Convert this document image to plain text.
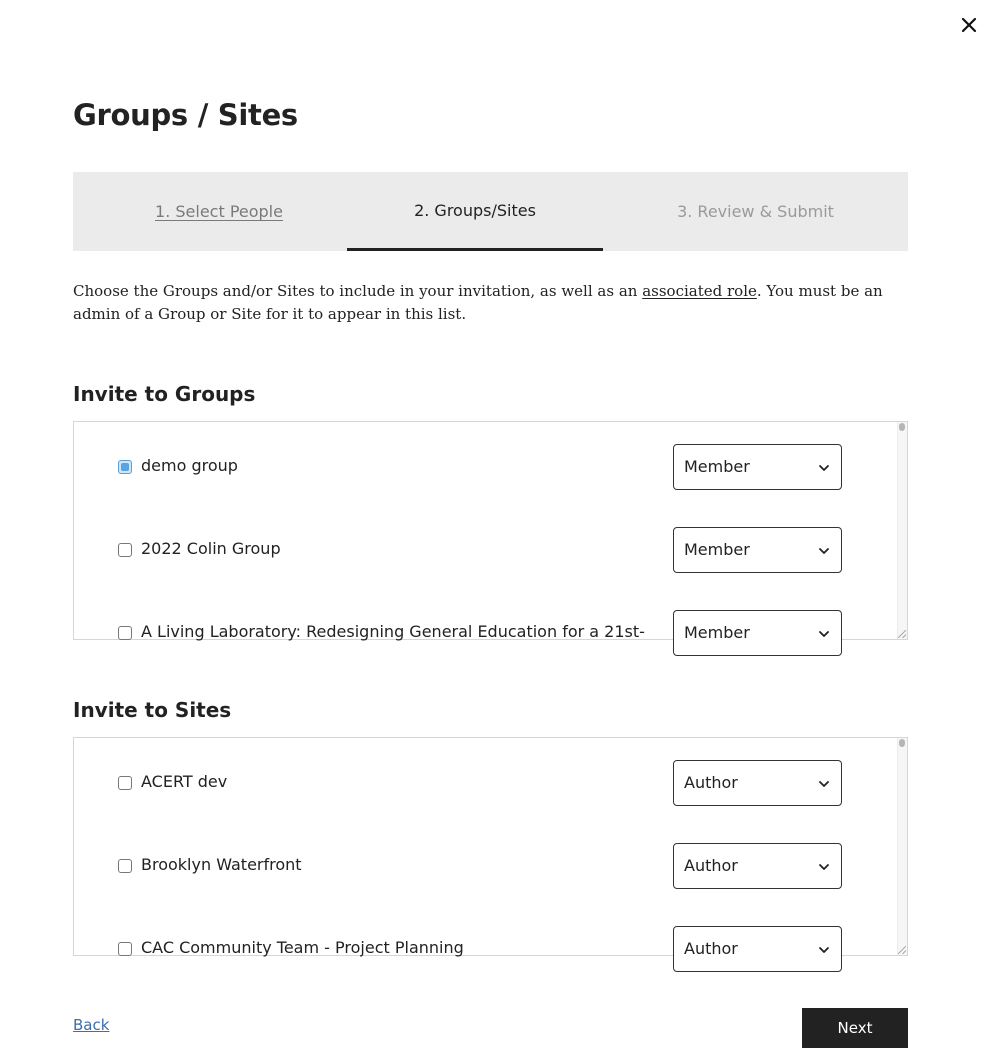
Groups / Sites
1. Select People	2. Groups/Sites	3. Review & Submit

Choose the Groups and/or Sites to include in your invitation, as well as an associated role. You must be an admin of a Group or Site for it to appear in this list.

Invite to Groups
demo group	Member
2022 Colin Group	Member
A Living Laboratory: Redesigning General Education for a 21st-	Member
Invite to Sites
ACERT dev	Author
Brooklyn Waterfront	Author
CAC Community Team - Project Planning	Author
Back	Next
